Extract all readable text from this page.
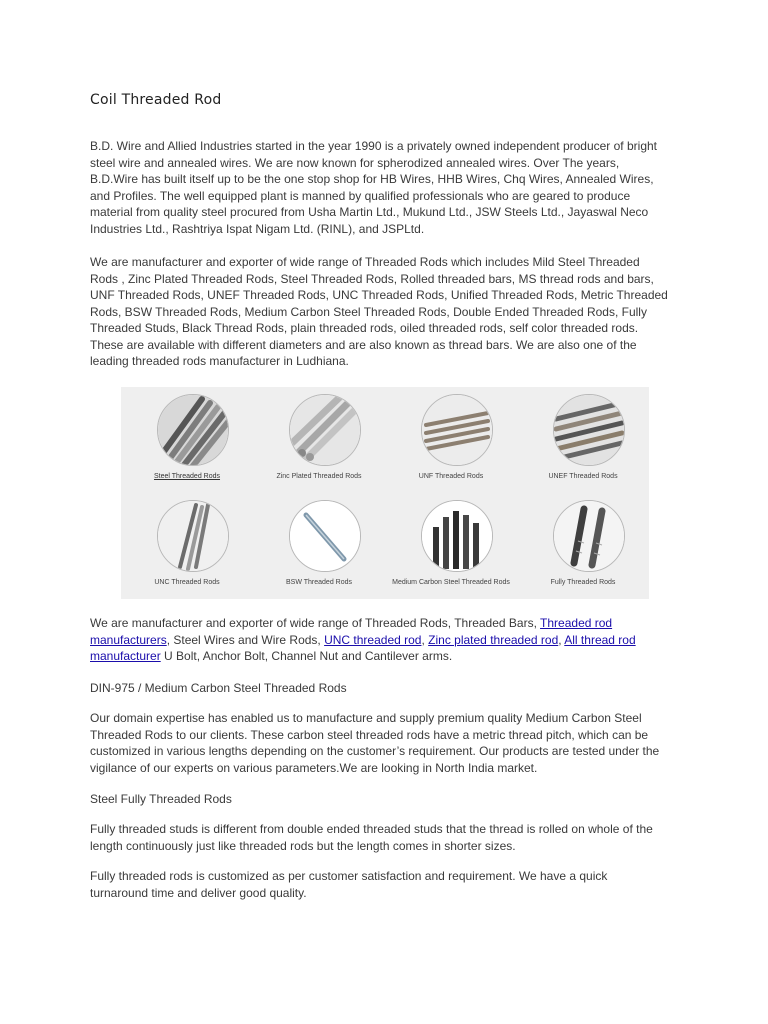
Coil Threaded Rod

B.D. Wire and Allied Industries started in the year 1990 is a privately owned independent producer of bright steel wire and annealed wires. We are now known for spherodized annealed wires. Over The years, B.D.Wire has built itself up to be the one stop shop for HB Wires, HHB Wires, Chq Wires, Annealed Wires, and Profiles. The well equipped plant is manned by qualified professionals who are geared to produce material from quality steel procured from Usha Martin Ltd., Mukund Ltd., JSW Steels Ltd., Jayaswal Neco Industries Ltd., Rashtriya Ispat Nigam Ltd. (RINL), and JSPLtd.

We are manufacturer and exporter of wide range of Threaded Rods which includes Mild Steel Threaded Rods , Zinc Plated Threaded Rods, Steel Threaded Rods, Rolled threaded bars, MS thread rods and bars, UNF Threaded Rods, UNEF Threaded Rods, UNC Threaded Rods, Unified Threaded Rods, Metric Threaded Rods, BSW Threaded Rods, Medium Carbon Steel Threaded Rods, Double Ended Threaded Rods, Fully Threaded Studs, Black Thread Rods, plain threaded rods, oiled threaded rods, self color threaded rods. These are available with different diameters and are also known as thread bars. We are also one of the leading threaded rods manufacturer in Ludhiana.

Steel Threaded Rods	Zinc Plated Threaded Rods	UNF Threaded Rods	UNEF Threaded Rods
UNC Threaded Rods	BSW Threaded Rods	Medium Carbon Steel Threaded Rods	Fully Threaded Rods

We are manufacturer and exporter of wide range of Threaded Rods, Threaded Bars, Threaded rod manufacturers, Steel Wires and Wire Rods, UNC threaded rod, Zinc plated threaded rod, All thread rod manufacturer U Bolt, Anchor Bolt, Channel Nut and Cantilever arms.

DIN-975 / Medium Carbon Steel Threaded Rods

Our domain expertise has enabled us to manufacture and supply premium quality Medium Carbon Steel Threaded Rods to our clients. These carbon steel threaded rods have a metric thread pitch, which can be customized in various lengths depending on the customer’s requirement. Our products are tested under the vigilance of our experts on various parameters.We are looking in North India market.

Steel Fully Threaded Rods

Fully threaded studs is different from double ended threaded studs that the thread is rolled on whole of the length continuously just like threaded rods but the length comes in shorter sizes.

Fully threaded rods is customized as per customer satisfaction and requirement. We have a quick turnaround time and deliver good quality.
